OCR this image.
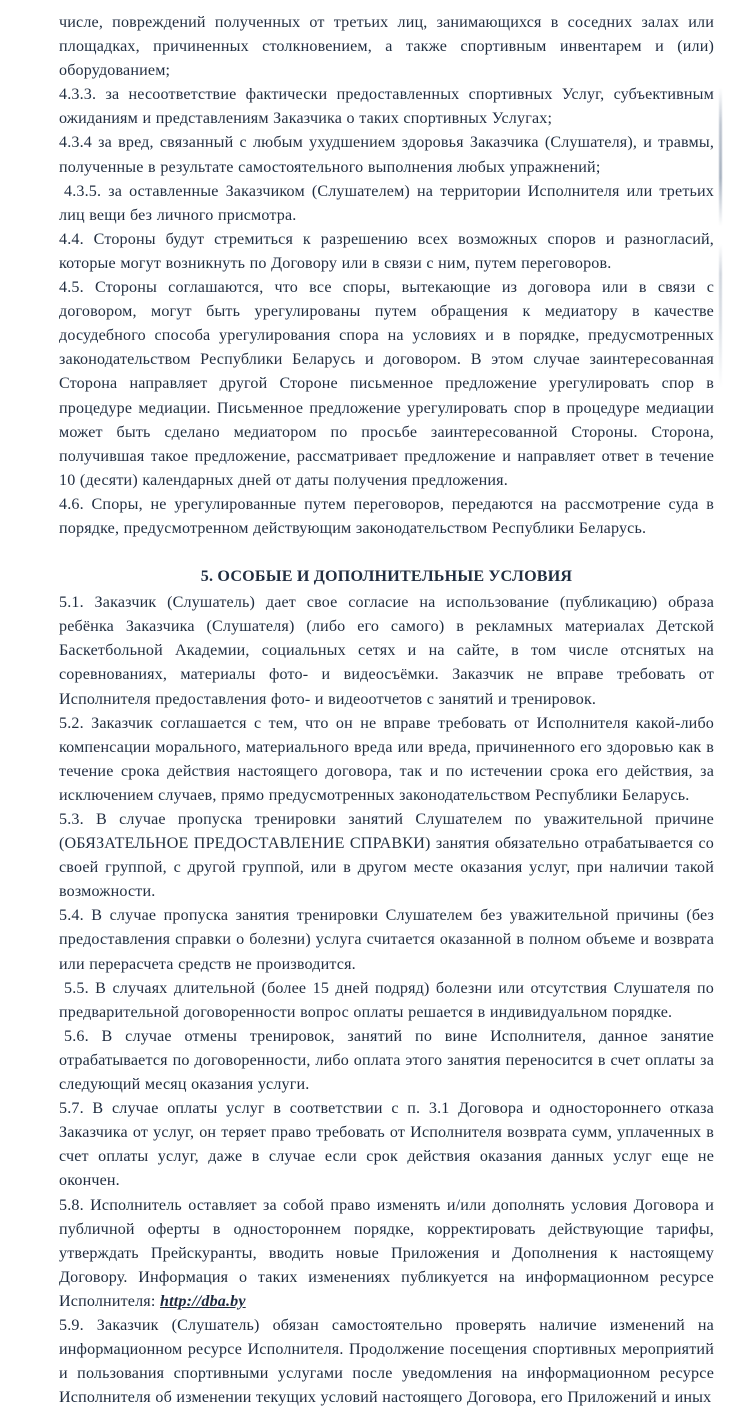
числе, повреждений полученных от третьих лиц, занимающихся в соседних залах или площадках, причиненных столкновением, а также спортивным инвентарем и (или) оборудованием;

4.3.3. за несоответствие фактически предоставленных спортивных Услуг, субъективным ожиданиям и представлениям Заказчика о таких спортивных Услугах;

4.3.4 за вред, связанный с любым ухудшением здоровья Заказчика (Слушателя), и травмы, полученные в результате самостоятельного выполнения любых упражнений;

4.3.5. за оставленные Заказчиком (Слушателем) на территории Исполнителя или третьих лиц вещи без личного присмотра.

4.4. Стороны будут стремиться к разрешению всех возможных споров и разногласий, которые могут возникнуть по Договору или в связи с ним, путем переговоров.

4.5. Стороны соглашаются, что все споры, вытекающие из договора или в связи с договором, могут быть урегулированы путем обращения к медиатору в качестве досудебного способа урегулирования спора на условиях и в порядке, предусмотренных законодательством Республики Беларусь и договором. В этом случае заинтересованная Сторона направляет другой Стороне письменное предложение урегулировать спор в процедуре медиации. Письменное предложение урегулировать спор в процедуре медиации может быть сделано медиатором по просьбе заинтересованной Стороны. Сторона, получившая такое предложение, рассматривает предложение и направляет ответ в течение 10 (десяти) календарных дней от даты получения предложения.

4.6. Споры, не урегулированные путем переговоров, передаются на рассмотрение суда в порядке, предусмотренном действующим законодательством Республики Беларусь.

5. ОСОБЫЕ И ДОПОЛНИТЕЛЬНЫЕ УСЛОВИЯ

5.1. Заказчик (Слушатель) дает свое согласие на использование (публикацию) образа ребёнка Заказчика (Слушателя) (либо его самого) в рекламных материалах Детской Баскетбольной Академии, социальных сетях и на сайте, в том числе отснятых на соревнованиях, материалы фото- и видеосъёмки. Заказчик не вправе требовать от Исполнителя предоставления фото- и видеоотчетов с занятий и тренировок.

5.2. Заказчик соглашается с тем, что он не вправе требовать от Исполнителя какой-либо компенсации морального, материального вреда или вреда, причиненного его здоровью как в течение срока действия настоящего договора, так и по истечении срока его действия, за исключением случаев, прямо предусмотренных законодательством Республики Беларусь.

5.3. В случае пропуска тренировки занятий Слушателем по уважительной причине (ОБЯЗАТЕЛЬНОЕ ПРЕДОСТАВЛЕНИЕ СПРАВКИ) занятия обязательно отрабатывается со своей группой, с другой группой, или в другом месте оказания услуг, при наличии такой возможности.

5.4. В случае пропуска занятия тренировки Слушателем без уважительной причины (без предоставления справки о болезни) услуга считается оказанной в полном объеме и возврата или перерасчета средств не производится.

5.5. В случаях длительной (более 15 дней подряд) болезни или отсутствия Слушателя по предварительной договоренности вопрос оплаты решается в индивидуальном порядке.

5.6. В случае отмены тренировок, занятий по вине Исполнителя, данное занятие отрабатывается по договоренности, либо оплата этого занятия переносится в счет оплаты за следующий месяц оказания услуги.

5.7. В случае оплаты услуг в соответствии с п. 3.1 Договора и одностороннего отказа Заказчика от услуг, он теряет право требовать от Исполнителя возврата сумм, уплаченных в счет оплаты услуг, даже в случае если срок действия оказания данных услуг еще не окончен.

5.8. Исполнитель оставляет за собой право изменять и/или дополнять условия Договора и публичной оферты в одностороннем порядке, корректировать действующие тарифы, утверждать Прейскуранты, вводить новые Приложения и Дополнения к настоящему Договору. Информация о таких изменениях публикуется на информационном ресурсе Исполнителя: http://dba.by

5.9. Заказчик (Слушатель) обязан самостоятельно проверять наличие изменений на информационном ресурсе Исполнителя. Продолжение посещения спортивных мероприятий и пользования спортивными услугами после уведомления на информационном ресурсе Исполнителя об изменении текущих условий настоящего Договора, его Приложений и иных
